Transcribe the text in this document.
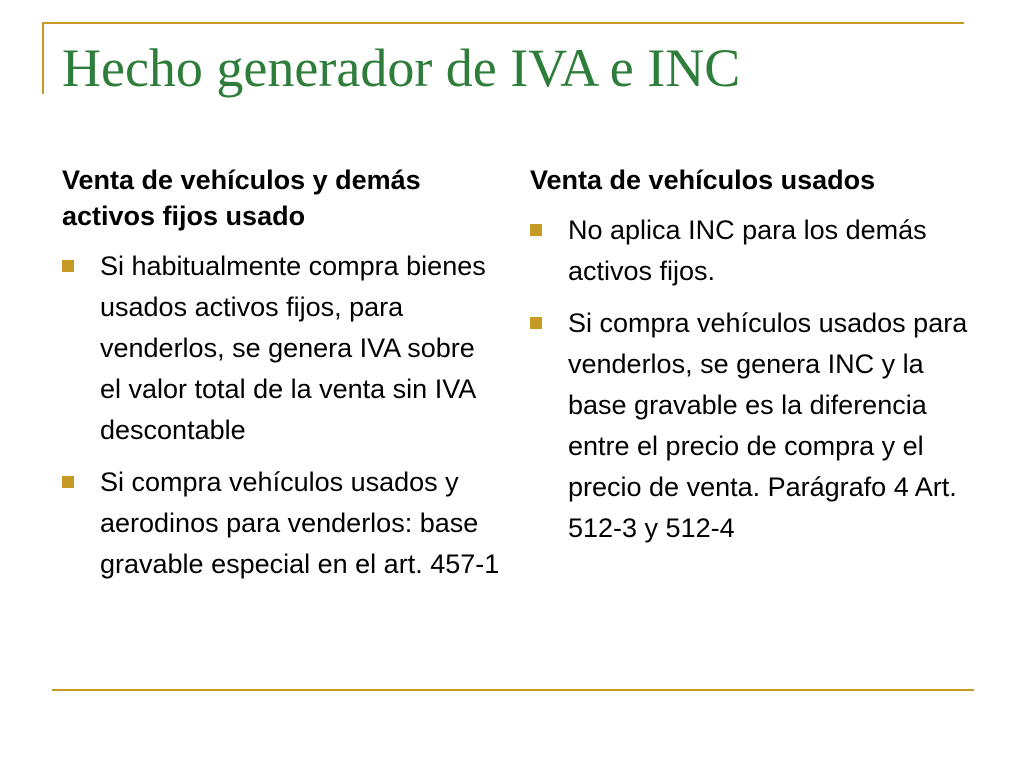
Hecho generador de IVA e INC

Venta de vehículos y demás activos fijos usado

Si habitualmente compra bienes usados activos fijos, para venderlos, se genera IVA sobre el valor total de la venta sin IVA descontable
Si compra vehículos usados y aerodinos para venderlos: base gravable especial en el art. 457-1

Venta de vehículos usados

No aplica INC para los demás activos fijos.
Si compra vehículos usados para venderlos, se genera INC y la base gravable es la diferencia entre el precio de compra y el precio de venta. Parágrafo 4 Art. 512-3 y 512-4
